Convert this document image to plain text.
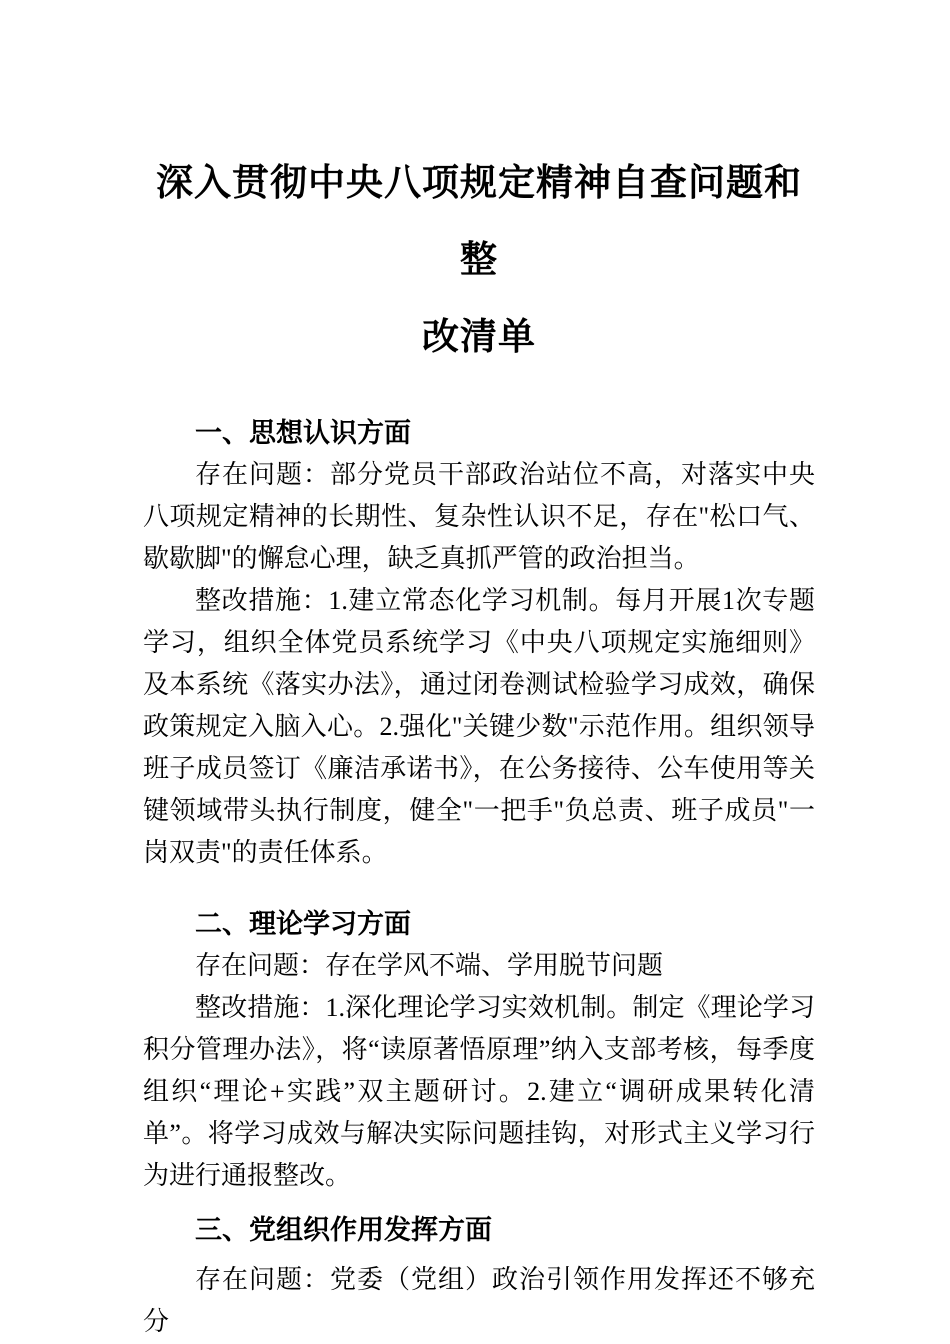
深入贯彻中央八项规定精神自查问题和整
改清单
一、思想认识方面

存在问题：部分党员干部政治站位不高，对落实中央八项规定精神的长期性、复杂性认识不足，存在"松口气、歇歇脚"的懈怠心理，缺乏真抓严管的政治担当。

整改措施：1.建立常态化学习机制。每月开展1次专题学习，组织全体党员系统学习《中央八项规定实施细则》及本系统《落实办法》，通过闭卷测试检验学习成效，确保政策规定入脑入心。2.强化"关键少数"示范作用。组织领导班子成员签订《廉洁承诺书》，在公务接待、公车使用等关键领域带头执行制度，健全"一把手"负总责、班子成员"一岗双责"的责任体系。

二、理论学习方面

存在问题：存在学风不端、学用脱节问题

整改措施：1.深化理论学习实效机制。制定《理论学习积分管理办法》，将“读原著悟原理”纳入支部考核，每季度组织“理论+实践”双主题研讨。2.建立“调研成果转化清单”。将学习成效与解决实际问题挂钩，对形式主义学习行为进行通报整改。

三、党组织作用发挥方面

存在问题：党委（党组）政治引领作用发挥还不够充分
